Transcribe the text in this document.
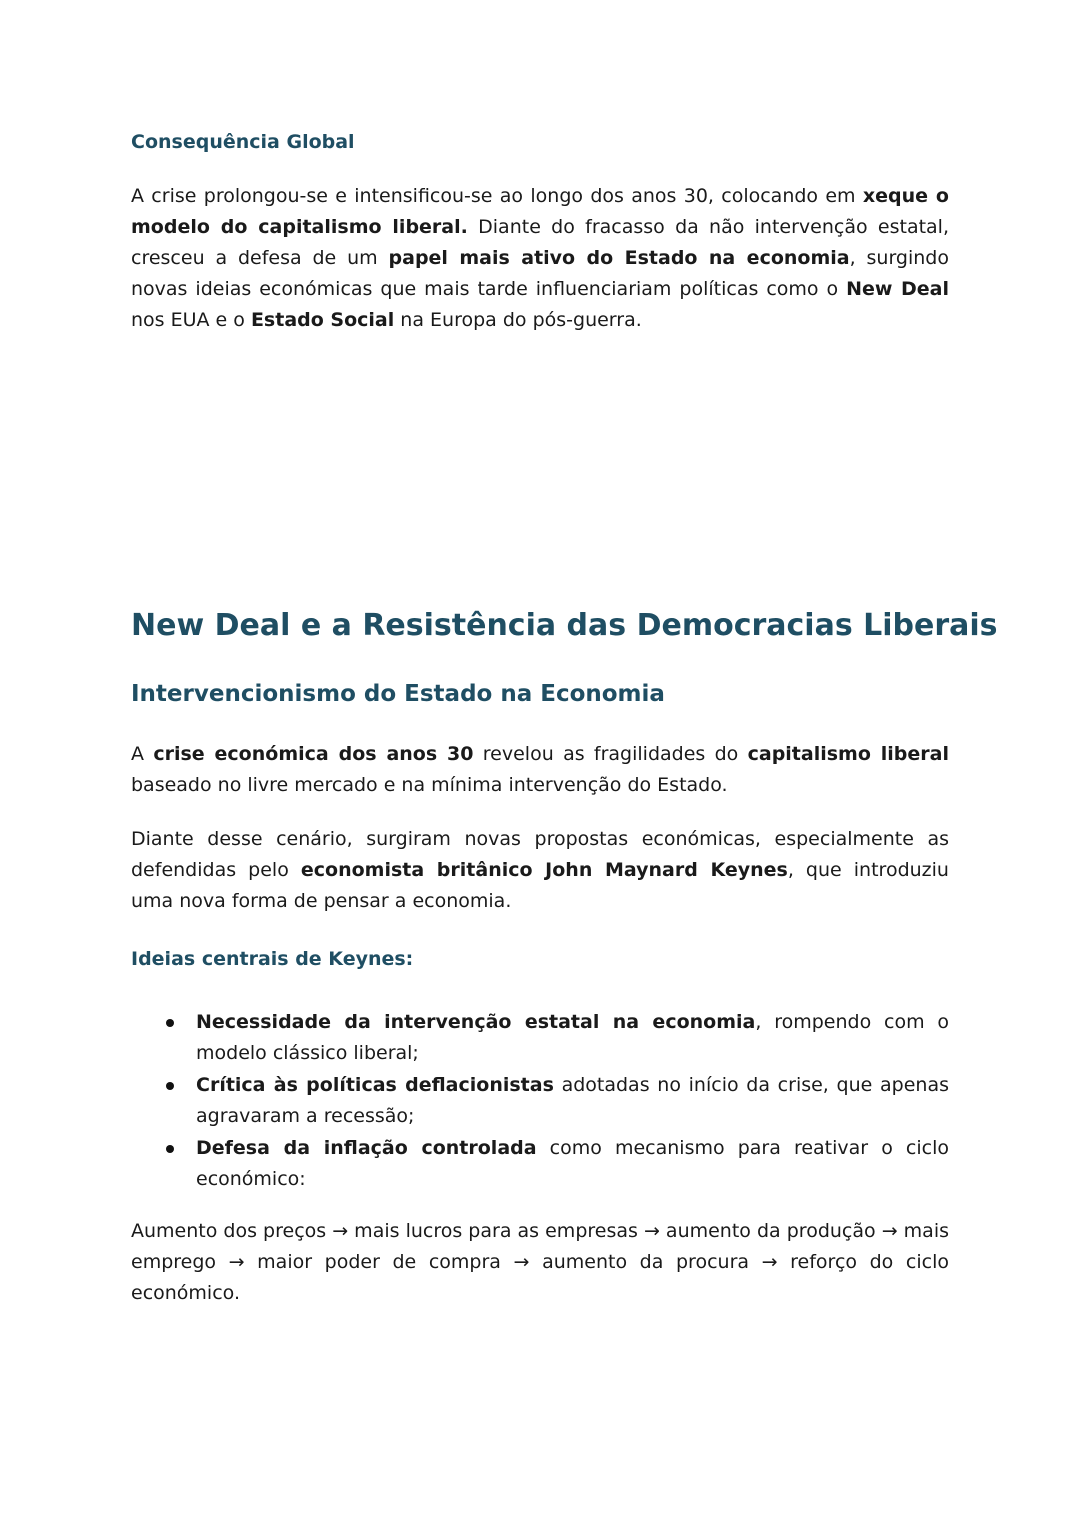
Consequência Global

A crise prolongou-se e intensificou-se ao longo dos anos 30, colocando em xeque o modelo do capitalismo liberal. Diante do fracasso da não intervenção estatal, cresceu a defesa de um papel mais ativo do Estado na economia, surgindo novas ideias económicas que mais tarde influenciariam políticas como o New Deal nos EUA e o Estado Social na Europa do pós-guerra.

New Deal e a Resistência das Democracias Liberais
Intervencionismo do Estado na Economia

A crise económica dos anos 30 revelou as fragilidades do capitalismo liberal baseado no livre mercado e na mínima intervenção do Estado.

Diante desse cenário, surgiram novas propostas económicas, especialmente as defendidas pelo economista britânico John Maynard Keynes, que introduziu uma nova forma de pensar a economia.

Ideias centrais de Keynes:
Necessidade da intervenção estatal na economia, rompendo com o modelo clássico liberal;
Crítica às políticas deflacionistas adotadas no início da crise, que apenas agravaram a recessão;
Defesa da inflação controlada como mecanismo para reativar o ciclo económico:

Aumento dos preços → mais lucros para as empresas → aumento da produção → mais emprego → maior poder de compra → aumento da procura → reforço do ciclo económico.
